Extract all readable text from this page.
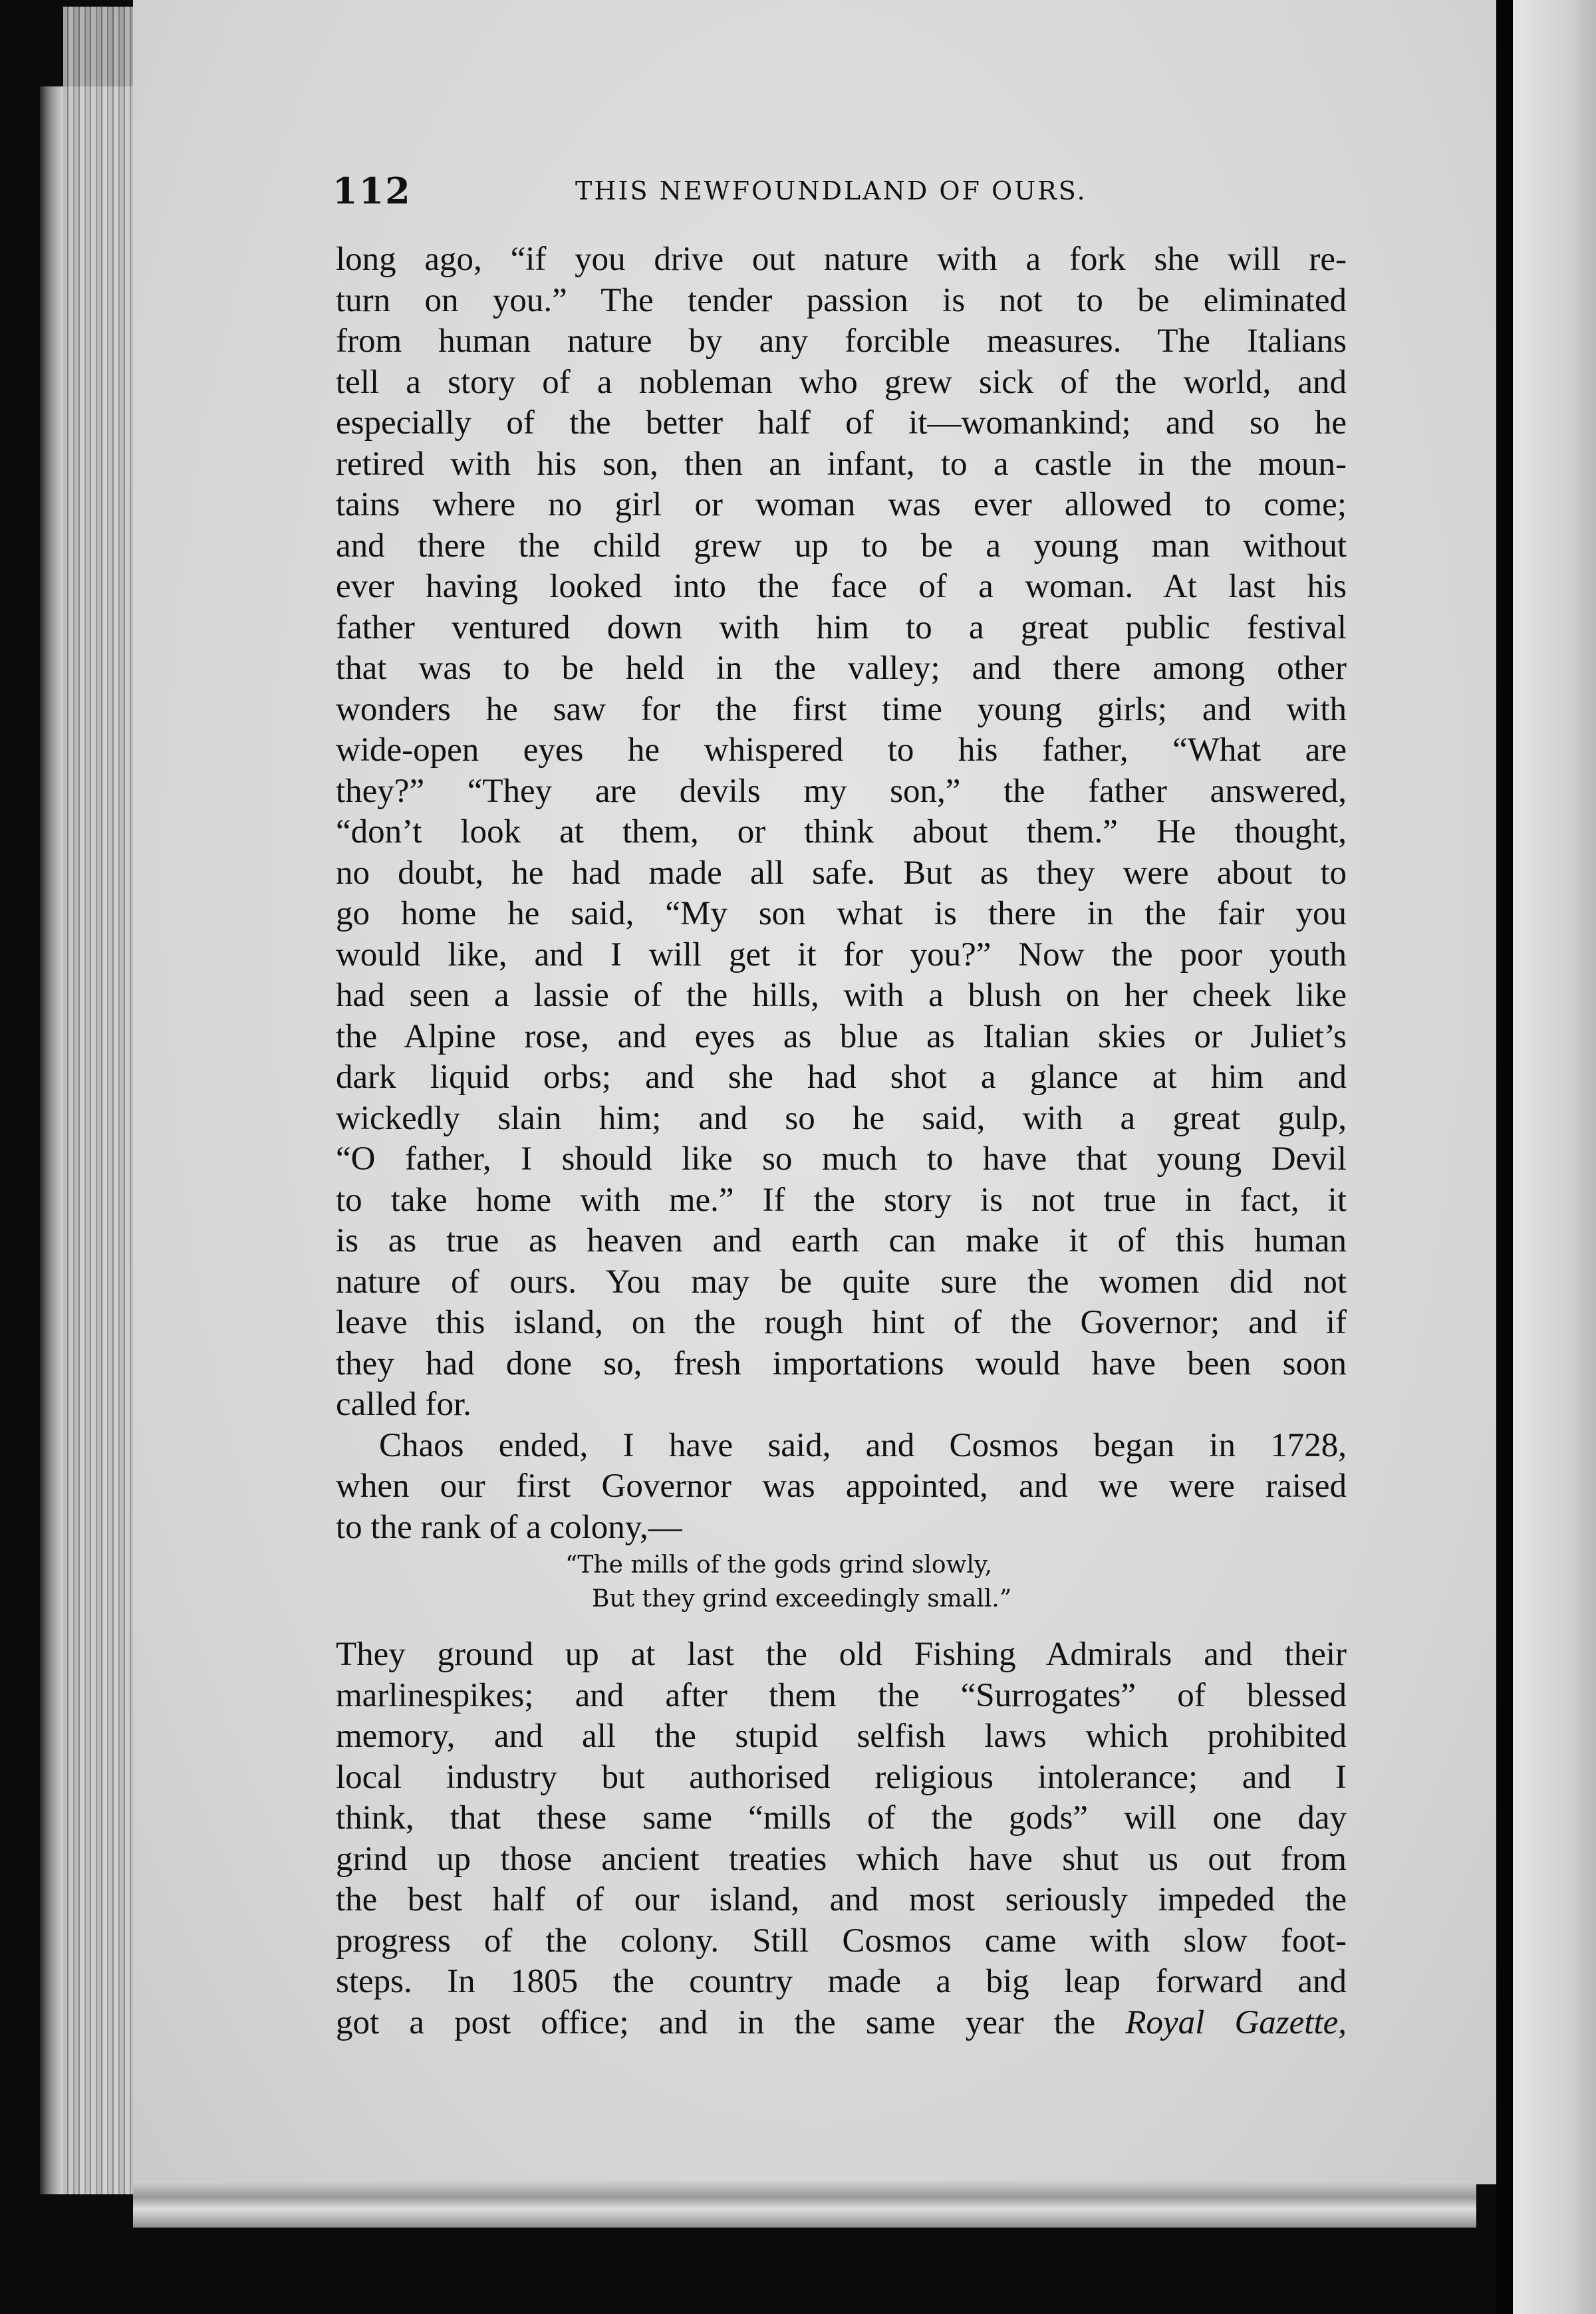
112	THIS NEWFOUNDLAND OF OURS.
long ago, “if you drive out nature with a fork she will re-
turn on you.” The tender passion is not to be eliminated
from human nature by any forcible measures. The Italians
tell a story of a nobleman who grew sick of the world, and
especially of the better half of it—womankind; and so he
retired with his son, then an infant, to a castle in the moun-
tains where no girl or woman was ever allowed to come;
and there the child grew up to be a young man without
ever having looked into the face of a woman. At last his
father ventured down with him to a great public festival
that was to be held in the valley; and there among other
wonders he saw for the first time young girls; and with
wide-open eyes he whispered to his father, “What are
they?” “They are devils my son,” the father answered,
“don’t look at them, or think about them.” He thought,
no doubt, he had made all safe. But as they were about to
go home he said, “My son what is there in the fair you
would like, and I will get it for you?” Now the poor youth
had seen a lassie of the hills, with a blush on her cheek like
the Alpine rose, and eyes as blue as Italian skies or Juliet’s
dark liquid orbs; and she had shot a glance at him and
wickedly slain him; and so he said, with a great gulp,
“O father, I should like so much to have that young Devil
to take home with me.” If the story is not true in fact, it
is as true as heaven and earth can make it of this human
nature of ours. You may be quite sure the women did not
leave this island, on the rough hint of the Governor; and if
they had done so, fresh importations would have been soon
called for.
Chaos ended, I have said, and Cosmos began in 1728,
when our first Governor was appointed, and we were raised
to the rank of a colony,—
“The mills of the gods grind slowly,
But they grind exceedingly small.”
They ground up at last the old Fishing Admirals and their
marlinespikes; and after them the “Surrogates” of blessed
memory, and all the stupid selfish laws which prohibited
local industry but authorised religious intolerance; and I
think, that these same “mills of the gods” will one day
grind up those ancient treaties which have shut us out from
the best half of our island, and most seriously impeded the
progress of the colony. Still Cosmos came with slow foot-
steps. In 1805 the country made a big leap forward and
got a post office; and in the same year the Royal Gazette,
